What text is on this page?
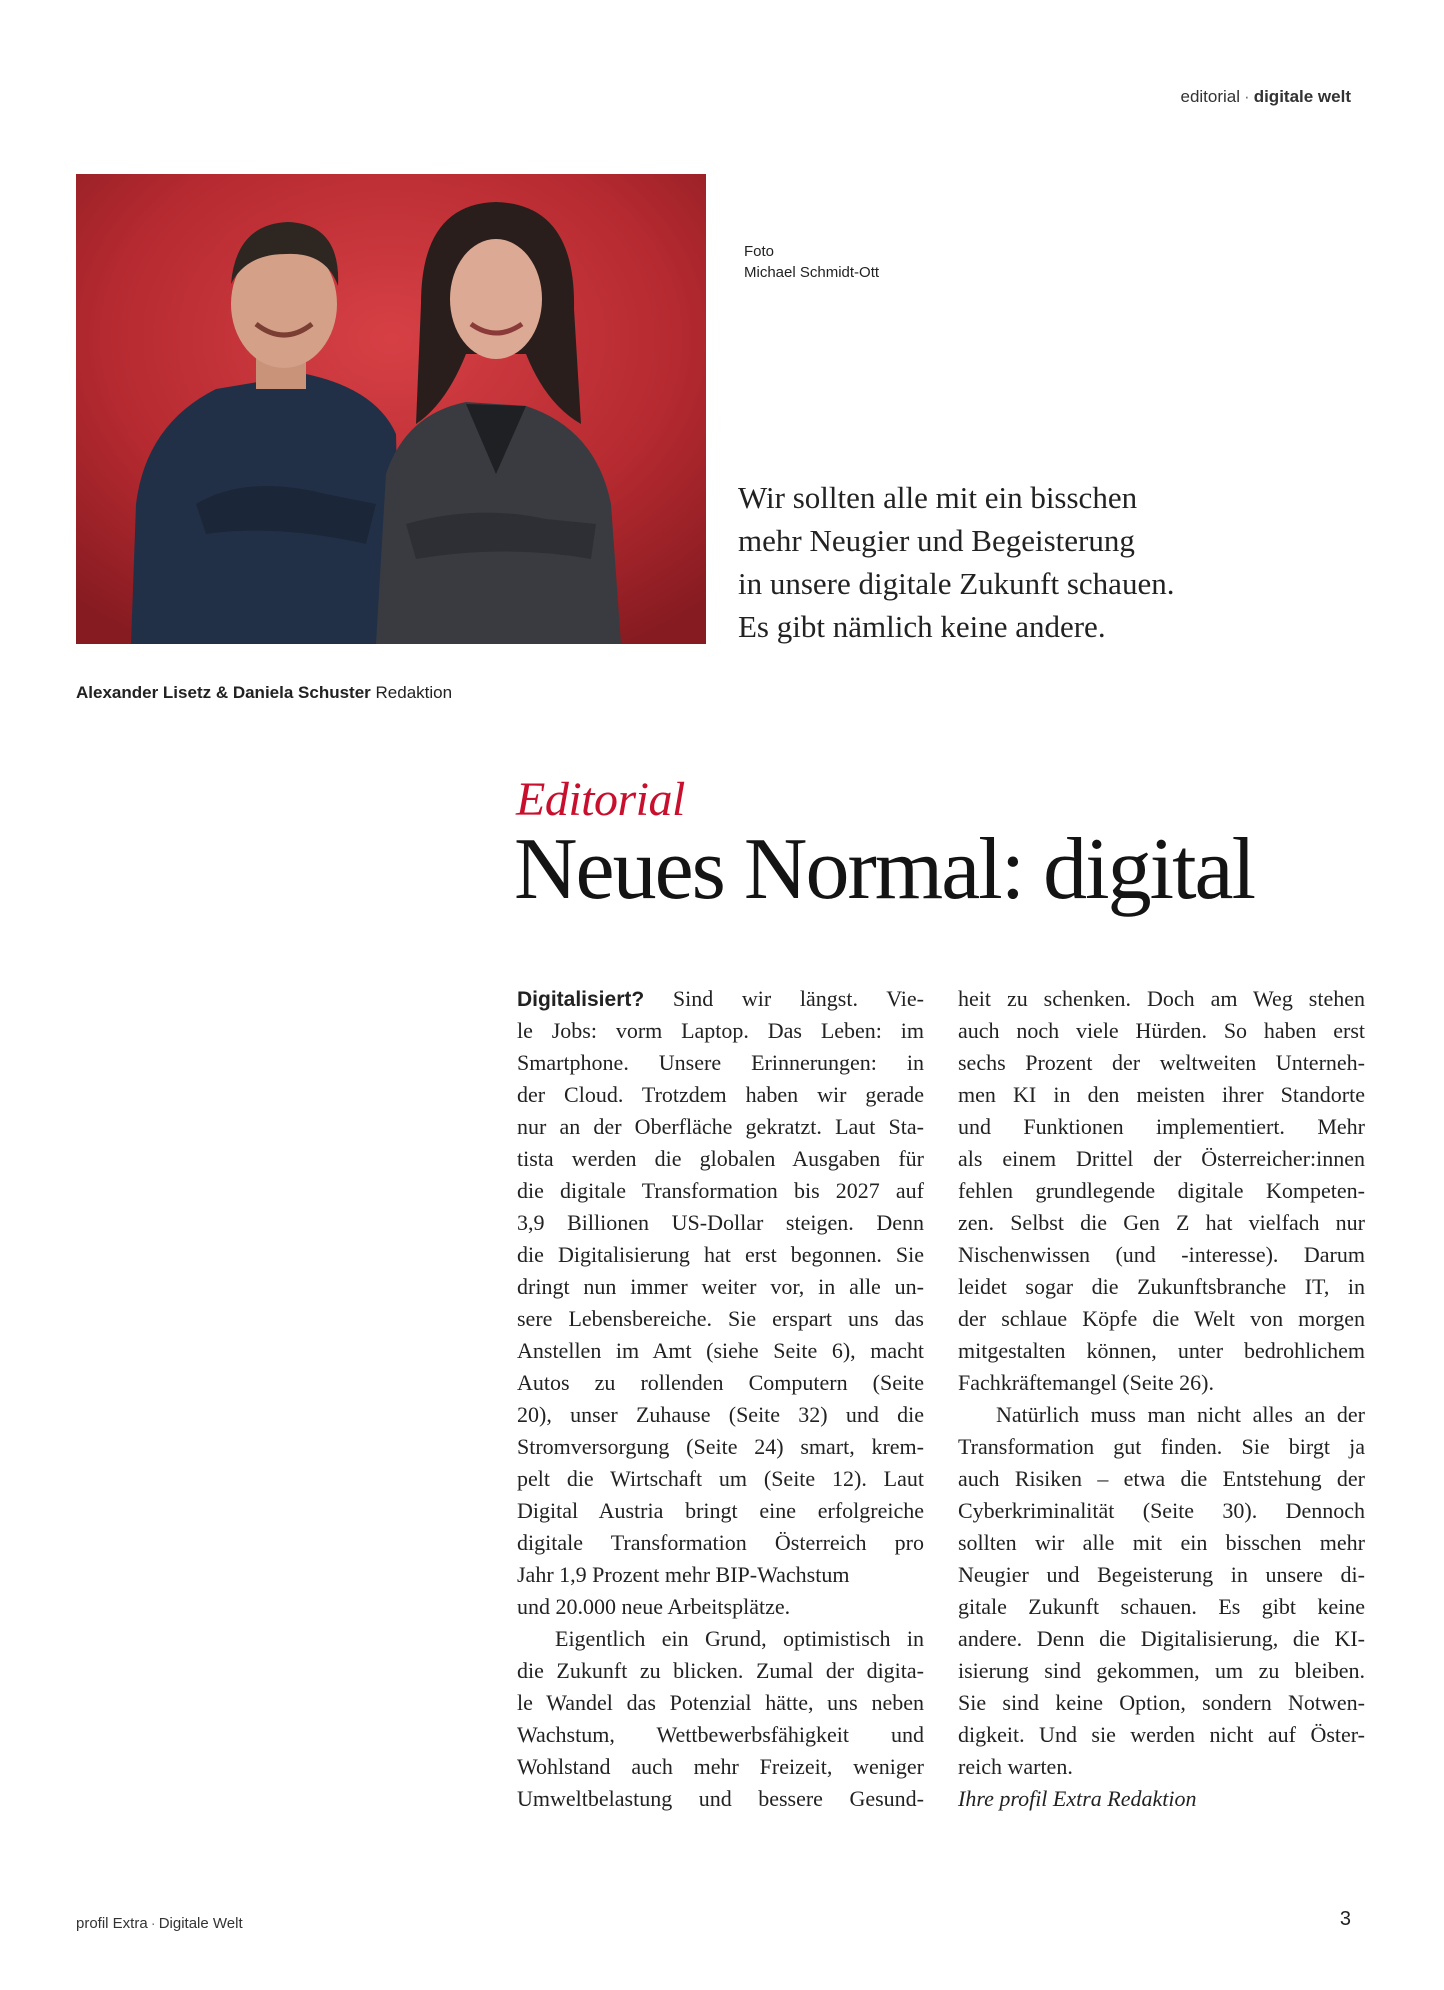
editorial · digitale welt
Foto
Michael Schmidt-Ott
Wir sollten alle mit ein bisschen
mehr Neugier und Begeisterung
in unsere digitale Zukunft schauen.
Es gibt nämlich keine andere.
Alexander Lisetz & Daniela Schuster Redaktion
Editorial
Neues Normal: digital
Digitalisiert? Sind wir längst. Vie-
le Jobs: vorm Laptop. Das Leben: im
Smartphone. Unsere Erinnerungen: in
der Cloud. Trotzdem haben wir gerade
nur an der Oberfläche gekratzt. Laut Sta-
tista werden die globalen Ausgaben für
die digitale Transformation bis 2027 auf
3,9 Billionen US-Dollar steigen. Denn
die Digitalisierung hat erst begonnen. Sie
dringt nun immer weiter vor, in alle un-
sere Lebensbereiche. Sie erspart uns das
Anstellen im Amt (siehe Seite 6), macht
Autos zu rollenden Computern (Seite
20), unser Zuhause (Seite 32) und die
Stromversorgung (Seite 24) smart, krem-
pelt die Wirtschaft um (Seite 12). Laut
Digital Austria bringt eine erfolgreiche
digitale Transformation Österreich pro
Jahr 1,9 Prozent mehr BIP-Wachstum
und 20.000 neue Arbeitsplätze.
Eigentlich ein Grund, optimistisch in
die Zukunft zu blicken. Zumal der digita-
le Wandel das Potenzial hätte, uns neben
Wachstum, Wettbewerbsfähigkeit und
Wohlstand auch mehr Freizeit, weniger
Umweltbelastung und bessere Gesund-
heit zu schenken. Doch am Weg stehen
auch noch viele Hürden. So haben erst
sechs Prozent der weltweiten Unterneh-
men KI in den meisten ihrer Standorte
und Funktionen implementiert. Mehr
als einem Drittel der Österreicher:innen
fehlen grundlegende digitale Kompeten-
zen. Selbst die Gen Z hat vielfach nur
Nischenwissen (und -interesse). Darum
leidet sogar die Zukunftsbranche IT, in
der schlaue Köpfe die Welt von morgen
mitgestalten können, unter bedrohlichem
Fachkräftemangel (Seite 26).
Natürlich muss man nicht alles an der
Transformation gut finden. Sie birgt ja
auch Risiken – etwa die Entstehung der
Cyberkriminalität (Seite 30). Dennoch
sollten wir alle mit ein bisschen mehr
Neugier und Begeisterung in unsere di-
gitale Zukunft schauen. Es gibt keine
andere. Denn die Digitalisierung, die KI-
isierung sind gekommen, um zu bleiben.
Sie sind keine Option, sondern Notwen-
digkeit. Und sie werden nicht auf Öster-
reich warten.
Ihre profil Extra Redaktion
profil Extra · Digitale Welt	3
